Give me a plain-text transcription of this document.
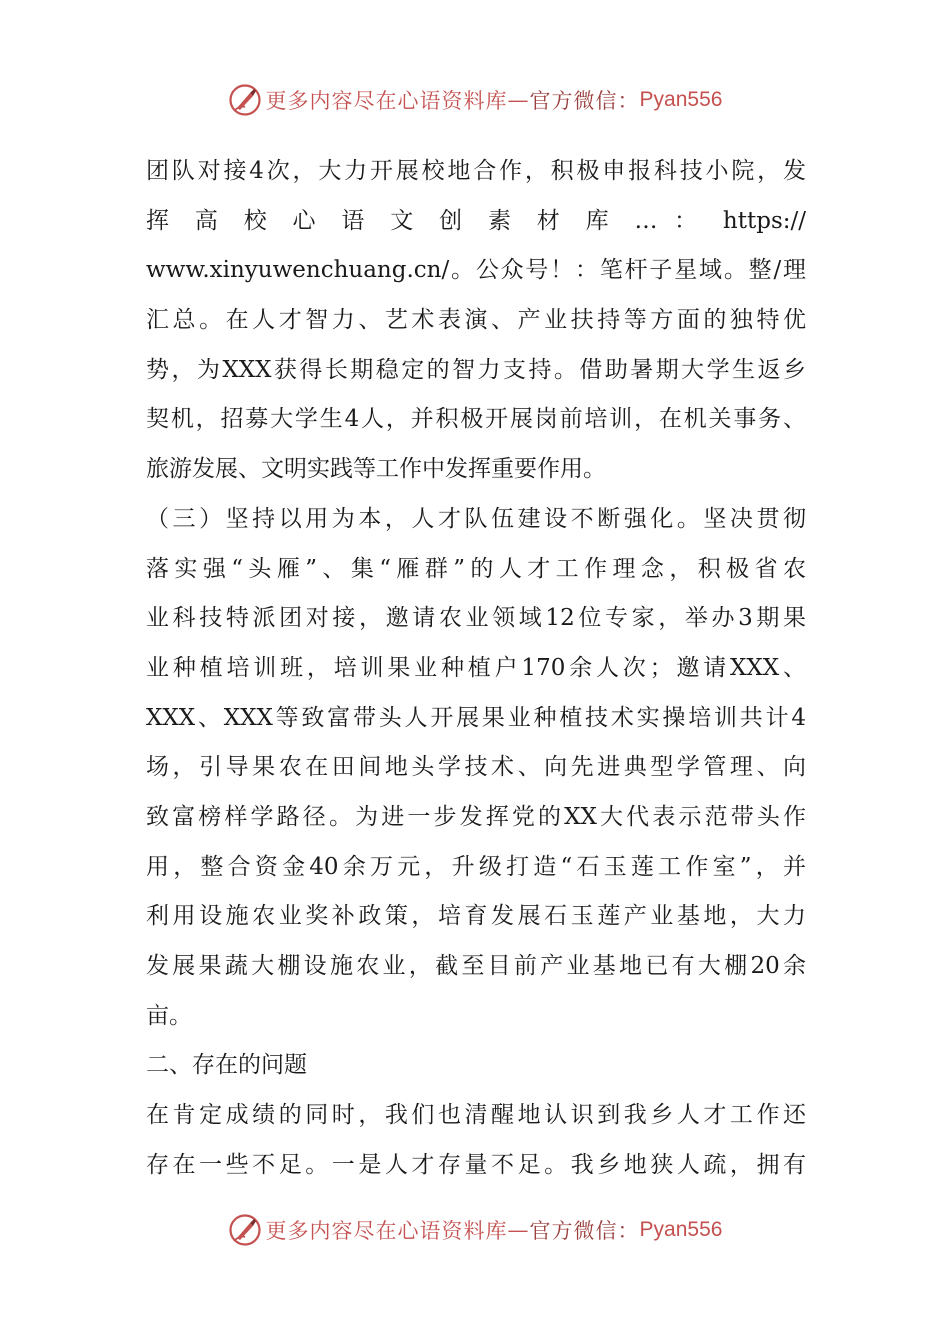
更多内容尽在心语资料库 — 官方微信： Pyan556
团队对接4次，大力开展校地合作，积极申报科技小院，发
挥 高 校 心 语 文 创 素 材 库 … ： https://
www.xinyuwenchuang.cn/。公众号！：笔杆子星域。整/理
汇总。在人才智力、艺术表演、产业扶持等方面的独特优
势，为XXX获得长期稳定的智力支持。借助暑期大学生返乡
契机，招募大学生4人，并积极开展岗前培训，在机关事务、
旅游发展、文明实践等工作中发挥重要作用。
（三）坚持以用为本，人才队伍建设不断强化。坚决贯彻
落实强“头雁”、集“雁群”的人才工作理念，积极省农
业科技特派团对接，邀请农业领域12位专家，举办3期果
业种植培训班，培训果业种植户170余人次；邀请XXX、
XXX、XXX等致富带头人开展果业种植技术实操培训共计4
场，引导果农在田间地头学技术、向先进典型学管理、向
致富榜样学路径。为进一步发挥党的XX大代表示范带头作
用，整合资金40余万元，升级打造“石玉莲工作室”，并
利用设施农业奖补政策，培育发展石玉莲产业基地，大力
发展果蔬大棚设施农业，截至目前产业基地已有大棚20余
亩。
二、存在的问题
在肯定成绩的同时，我们也清醒地认识到我乡人才工作还
存在一些不足。一是人才存量不足。我乡地狭人疏，拥有
更多内容尽在心语资料库 — 官方微信： Pyan556
